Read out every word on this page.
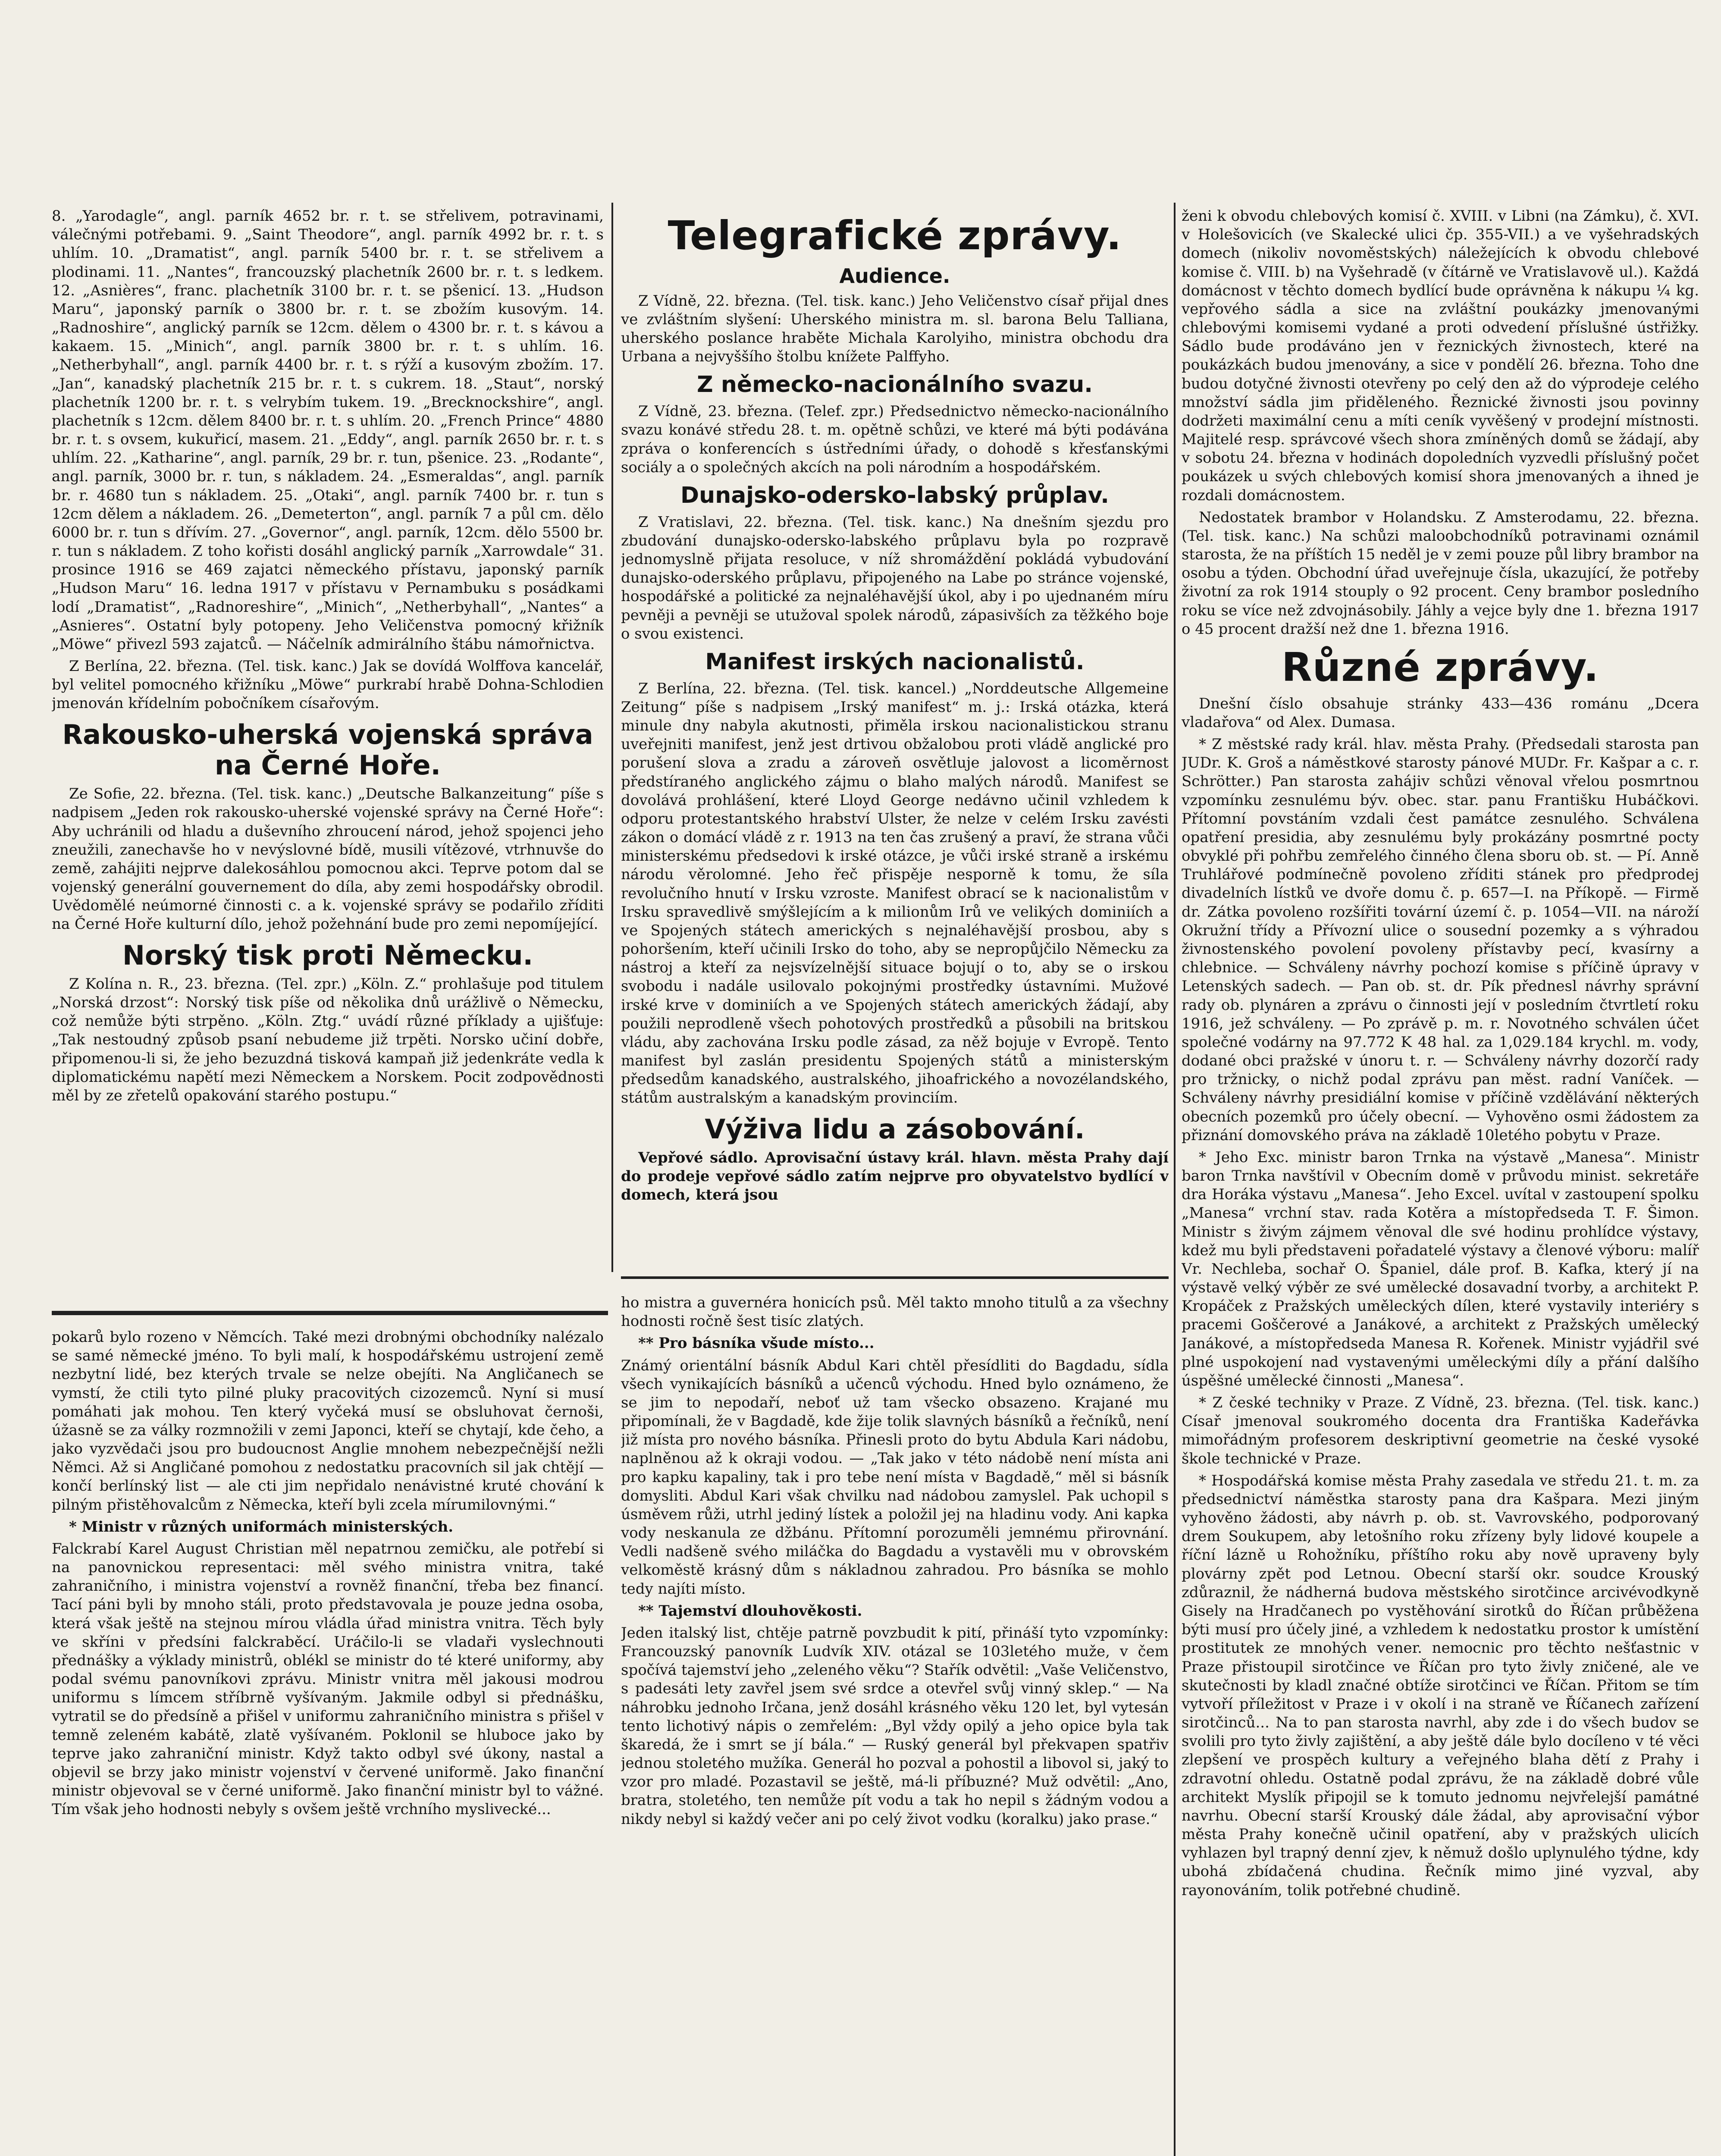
8. „Yarodagle“, angl. parník 4652 br. r. t. se střelivem, potravinami, válečnými potřebami. 9. „Saint Theodore“, angl. parník 4992 br. r. t. s uhlím. 10. „Dramatist“, angl. parník 5400 br. r. t. se střelivem a plodinami. 11. „Nantes“, francouzský plachetník 2600 br. r. t. s ledkem. 12. „Asnières“, franc. plachetník 3100 br. r. t. se pšenicí. 13. „Hudson Maru“, japonský parník o 3800 br. r. t. se zbožím kusovým. 14. „Radnoshire“, anglický parník se 12cm. dělem o 4300 br. r. t. s kávou a kakaem. 15. „Minich“, angl. parník 3800 br. r. t. s uhlím. 16. „Netherbyhall“, angl. parník 4400 br. r. t. s rýží a kusovým zbožím. 17. „Jan“, kanadský plachetník 215 br. r. t. s cukrem. 18. „Staut“, norský plachetník 1200 br. r. t. s velrybím tukem. 19. „Brecknockshire“, angl. plachetník s 12cm. dělem 8400 br. r. t. s uhlím. 20. „French Prince“ 4880 br. r. t. s ovsem, kukuřicí, masem. 21. „Eddy“, angl. parník 2650 br. r. t. s uhlím. 22. „Katharine“, angl. parník, 29 br. r. tun, pšenice. 23. „Rodante“, angl. parník, 3000 br. r. tun, s nákladem. 24. „Esmeraldas“, angl. parník br. r. 4680 tun s nákladem. 25. „Otaki“, angl. parník 7400 br. r. tun s 12cm dělem a nákladem. 26. „Demeterton“, angl. parník 7 a půl cm. dělo 6000 br. r. tun s dřívím. 27. „Governor“, angl. parník, 12cm. dělo 5500 br. r. tun s nákladem. Z toho kořisti dosáhl anglický parník „Xarrowdale“ 31. prosince 1916 se 469 zajatci německého přístavu, japonský parník „Hudson Maru“ 16. ledna 1917 v přístavu v Pernambuku s posádkami lodí „Dramatist“, „Radnoreshire“, „Minich“, „Netherbyhall“, „Nantes“ a „Asnieres“. Ostatní byly potopeny. Jeho Veličenstva pomocný křižník „Möwe“ přivezl 593 zajatců. — Náčelník admirálního štábu námořnictva.

Z Berlína, 22. března. (Tel. tisk. kanc.) Jak se dovídá Wolffova kancelář, byl velitel pomocného křižníku „Möwe“ purkrabí hrabě Dohna-Schlodien jmenován křídelním pobočníkem císařovým.

Rakousko-uherská vojenská správa na Černé Hoře.

Ze Sofie, 22. března. (Tel. tisk. kanc.) „Deutsche Balkanzeitung“ píše s nadpisem „Jeden rok rakousko-uherské vojenské správy na Černé Hoře“: Aby uchránili od hladu a duševního zhroucení národ, jehož spojenci jeho zneužili, zanechavše ho v nevýslovné bídě, musili vítězové, vtrhnuvše do země, zahájiti nejprve dalekosáhlou pomocnou akci. Teprve potom dal se vojenský generální gouvernement do díla, aby zemi hospodářsky obrodil. Uvědomělé neúmorné činnosti c. a k. vojenské správy se podařilo zříditi na Černé Hoře kulturní dílo, jehož požehnání bude pro zemi nepomíjející.

Norský tisk proti Německu.

Z Kolína n. R., 23. března. (Tel. zpr.) „Köln. Z.“ prohlašuje pod titulem „Norská drzost“: Norský tisk píše od několika dnů urážlivě o Německu, což nemůže býti strpěno. „Köln. Ztg.“ uvádí různé příklady a ujišťuje: „Tak nestoudný způsob psaní nebudeme již trpěti. Norsko učiní dobře, připomenou-li si, že jeho bezuzdná tisková kampaň již jedenkráte vedla k diplomatickému napětí mezi Německem a Norskem. Pocit zodpovědnosti měl by ze zřetelů opakování starého postupu.“

Telegrafické zprávy.
Audience.

Z Vídně, 22. března. (Tel. tisk. kanc.) Jeho Veličenstvo císař přijal dnes ve zvláštním slyšení: Uherského ministra m. sl. barona Belu Talliana, uherského poslance hraběte Michala Karolyiho, ministra obchodu dra Urbana a nejvyššího štolbu knížete Palffyho.

Z německo-nacionálního svazu.

Z Vídně, 23. března. (Telef. zpr.) Předsednictvo německo-nacionálního svazu konávé středu 28. t. m. opětně schůzi, ve které má býti podávána zpráva o konferencích s ústředními úřady, o dohodě s křesťanskými sociály a o společných akcích na poli národním a hospodářském.

Dunajsko-odersko-labský průplav.

Z Vratislavi, 22. března. (Tel. tisk. kanc.) Na dnešním sjezdu pro zbudování dunajsko-odersko-labského průplavu byla po rozpravě jednomyslně přijata resoluce, v níž shromáždění pokládá vybudování dunajsko-oderského průplavu, připojeného na Labe po stránce vojenské, hospodářské a politické za nejnaléhavější úkol, aby i po ujednaném míru pevněji a pevněji se utužoval spolek národů, zápasivších za těžkého boje o svou existenci.

Manifest irských nacionalistů.

Z Berlína, 22. března. (Tel. tisk. kancel.) „Norddeutsche Allgemeine Zeitung“ píše s nadpisem „Irský manifest“ m. j.: Irská otázka, která minule dny nabyla akutnosti, přiměla irskou nacionalistickou stranu uveřejniti manifest, jenž jest drtivou obžalobou proti vládě anglické pro porušení slova a zradu a zároveň osvětluje jalovost a licoměrnost předstíraného anglického zájmu o blaho malých národů. Manifest se dovolává prohlášení, které Lloyd George nedávno učinil vzhledem k odporu protestantského hrabství Ulster, že nelze v celém Irsku zavésti zákon o domácí vládě z r. 1913 na ten čas zrušený a praví, že strana vůči ministerskému předsedovi k irské otázce, je vůči irské straně a irskému národu věrolomné. Jeho řeč přispěje nesporně k tomu, že síla revolučního hnutí v Irsku vzroste. Manifest obrací se k nacionalistům v Irsku spravedlivě smýšlejícím a k milionům Irů ve velikých dominiích a ve Spojených státech amerických s nejnaléhavější prosbou, aby s pohoršením, kteří učinili Irsko do toho, aby se nepropůjčilo Německu za nástroj a kteří za nejsvízelnější situace bojují o to, aby se o irskou svobodu i nadále usilovalo pokojnými prostředky ústavními. Mužové irské krve v dominiích a ve Spojených státech amerických žádají, aby použili neprodleně všech pohotových prostředků a působili na britskou vládu, aby zachována Irsku podle zásad, za něž bojuje v Evropě. Tento manifest byl zaslán presidentu Spojených států a ministerským předsedům kanadského, australského, jihoafrického a novozélandského, státům australským a kanadským provinciím.

Výživa lidu a zásobování.

Vepřové sádlo. Aprovisační ústavy král. hlavn. města Prahy dají do prodeje vepřové sádlo zatím nejprve pro obyvatelstvo bydlící v domech, která jsou

ženi k obvodu chlebových komisí č. XVIII. v Libni (na Zámku), č. XVI. v Holešovicích (ve Skalecké ulici čp. 355-VII.) a ve vyšehradských domech (nikoliv novoměstských) náležejících k obvodu chlebové komise č. VIII. b) na Vyšehradě (v čítárně ve Vratislavově ul.). Každá domácnost v těchto domech bydlící bude oprávněna k nákupu ¼ kg. vepřového sádla a sice na zvláštní poukázky jmenovanými chlebovými komisemi vydané a proti odvedení příslušné ústřižky. Sádlo bude prodáváno jen v řeznických živnostech, které na poukázkách budou jmenovány, a sice v pondělí 26. března. Toho dne budou dotyčné živnosti otevřeny po celý den až do výprodeje celého množství sádla jim přiděleného. Řeznické živnosti jsou povinny dodržeti maximální cenu a míti ceník vyvěšený v prodejní místnosti. Majitelé resp. správcové všech shora zmíněných domů se žádají, aby v sobotu 24. března v hodinách dopoledních vyzvedli příslušný počet poukázek u svých chlebových komisí shora jmenovaných a ihned je rozdali domácnostem.

Nedostatek brambor v Holandsku. Z Amsterodamu, 22. března. (Tel. tisk. kanc.) Na schůzi maloobchodníků potravinami oznámil starosta, že na příštích 15 neděl je v zemi pouze půl libry brambor na osobu a týden. Obchodní úřad uveřejnuje čísla, ukazující, že potřeby životní za rok 1914 stouply o 92 procent. Ceny brambor posledního roku se více než zdvojnásobily. Jáhly a vejce byly dne 1. března 1917 o 45 procent dražší než dne 1. března 1916.

Různé zprávy.

Dnešní číslo obsahuje stránky 433—436 románu „Dcera vladařova“ od Alex. Dumasa.

* Z městské rady král. hlav. města Prahy. (Předsedali starosta pan JUDr. K. Groš a náměstkové starosty pánové MUDr. Fr. Kašpar a c. r. Schrötter.) Pan starosta zahájiv schůzi věnoval vřelou posmrtnou vzpomínku zesnulému býv. obec. star. panu Františku Hubáčkovi. Přítomní povstáním vzdali čest památce zesnulého. Schválena opatření presidia, aby zesnulému byly prokázány posmrtné pocty obvyklé při pohřbu zemřelého činného člena sboru ob. st. — Pí. Anně Truhlářové podmínečně povoleno zříditi stánek pro předprodej divadelních lístků ve dvoře domu č. p. 657—I. na Příkopě. — Firmě dr. Zátka povoleno rozšířiti tovární území č. p. 1054—VII. na nároží Okružní třídy a Přívozní ulice o sousední pozemky a s výhradou živnostenského povolení povoleny přístavby pecí, kvasírny a chlebnice. — Schváleny návrhy pochozí komise s příčině úpravy v Letenských sadech. — Pan ob. st. dr. Pík přednesl návrhy správní rady ob. plynáren a zprávu o činnosti její v posledním čtvrtletí roku 1916, jež schváleny. — Po zprávě p. m. r. Novotného schválen účet společné vodárny na 97.772 K 48 hal. za 1,029.184 krychl. m. vody, dodané obci pražské v únoru t. r. — Schváleny návrhy dozorčí rady pro tržnicky, o nichž podal zprávu pan měst. radní Vaníček. — Schváleny návrhy presidiální komise v příčině vzdělávání některých obecních pozemků pro účely obecní. — Vyhověno osmi žádostem za přiznání domovského práva na základě 10letého pobytu v Praze.

* Jeho Exc. ministr baron Trnka na výstavě „Manesa“. Ministr baron Trnka navštívil v Obecním domě v průvodu minist. sekretáře dra Horáka výstavu „Manesa“. Jeho Excel. uvítal v zastoupení spolku „Manesa“ vrchní stav. rada Kotěra a místopředseda T. F. Šimon. Ministr s živým zájmem věnoval dle své hodinu prohlídce výstavy, kdež mu byli představeni pořadatelé výstavy a členové výboru: malíř Vr. Nechleba, sochař O. Španiel, dále prof. B. Kafka, který jí na výstavě velký výběr ze své umělecké dosavadní tvorby, a architekt P. Kropáček z Pražských uměleckých dílen, které vystavily interiéry s pracemi Goščerové a Janákové, a architekt z Pražských umělecký Janákové, a místopředseda Manesa R. Kořenek. Ministr vyjádřil své plné uspokojení nad vystavenými uměleckými díly a přání dalšího úspěšné umělecké činnosti „Manesa“.

* Z české techniky v Praze. Z Vídně, 23. března. (Tel. tisk. kanc.) Císař jmenoval soukromého docenta dra Františka Kadeřávka mimořádným profesorem deskriptivní geometrie na české vysoké škole technické v Praze.

* Hospodářská komise města Prahy zasedala ve středu 21. t. m. za předsednictví náměstka starosty pana dra Kašpara. Mezi jiným vyhověno žádosti, aby návrh p. ob. st. Vavrovského, podporovaný drem Soukupem, aby letošního roku zřízeny byly lidové koupele a říční lázně u Rohožníku, příštího roku aby nově upraveny byly plovárny zpět pod Letnou. Obecní starší okr. soudce Krouský zdůraznil, že nádherná budova městského sirotčince arcivévodkyně Gisely na Hradčanech po vystěhování sirotků do Říčan průběžena býti musí pro účely jiné, a vzhledem k nedostatku prostor k umístění prostitutek ze mnohých vener. nemocnic pro těchto nešťastnic v Praze přistoupil sirotčince ve Říčan pro tyto živly zničené, ale ve skutečnosti by kladl značné obtíže sirotčinci ve Říčan. Přitom se tím vytvoří příležitost v Praze i v okolí i na straně ve Říčanech zařízení sirotčinců... Na to pan starosta navrhl, aby zde i do všech budov se svolili pro tyto živly zajištění, a aby ještě dále bylo docíleno v té věci zlepšení ve prospěch kultury a veřejného blaha dětí z Prahy i zdravotní ohledu. Ostatně podal zprávu, že na základě dobré vůle architekt Myslík připojil se k tomuto jednomu nejvřelejší památné navrhu. Obecní starší Krouský dále žádal, aby aprovisační výbor města Prahy konečně učinil opatření, aby v pražských ulicích vyhlazen byl trapný denní zjev, k němuž došlo uplynulého týdne, kdy ubohá zbídačená chudina. Řečník mimo jiné vyzval, aby rayonováním, tolik potřebné chudině.

pokarů bylo rozeno v Němcích. Také mezi drobnými obchodníky nalézalo se samé německé jméno. To byli malí, k hospodářskému ustrojení země nezbytní lidé, bez kterých trvale se nelze obejíti. Na Angličanech se vymstí, že ctili tyto pilné pluky pracovitých cizozemců. Nyní si musí pomáhati jak mohou. Ten který vyčeká musí se obsluhovat černoši, úžasně se za války rozmnožili v zemi Japonci, kteří se chytají, kde čeho, a jako vyzvědači jsou pro budoucnost Anglie mnohem nebezpečnější nežli Němci. Až si Angličané pomohou z nedostatku pracovních sil jak chtějí — končí berlínský list — ale cti jim nepřidalo nenávistné kruté chování k pilným přistěhovalcům z Německa, kteří byli zcela mírumilovnými.“

* Ministr v různých uniformách ministerských.

Falckrabí Karel August Christian měl nepatrnou zemičku, ale potřebí si na panovnickou representaci: měl svého ministra vnitra, také zahraničního, i ministra vojenství a rovněž finanční, třeba bez financí. Tací páni byli by mnoho stáli, proto představovala je pouze jedna osoba, která však ještě na stejnou mírou vládla úřad ministra vnitra. Těch byly ve skříni v předsíni falckraběcí. Uráčilo-li se vladaři vyslechnouti přednášky a výklady ministrů, oblékl se ministr do té které uniformy, aby podal svému panovníkovi zprávu. Ministr vnitra měl jakousi modrou uniformu s límcem stříbrně vyšívaným. Jakmile odbyl si přednášku, vytratil se do předsíně a přišel v uniformu zahraničního ministra s přišel v temně zeleném kabátě, zlatě vyšívaném. Poklonil se hluboce jako by teprve jako zahraniční ministr. Když takto odbyl své úkony, nastal a objevil se brzy jako ministr vojenství v červené uniformě. Jako finanční ministr objevoval se v černé uniformě. Jako finanční ministr byl to vážné. Tím však jeho hodnosti nebyly s ovšem ještě vrchního myslivecké...

ho mistra a guvernéra honicích psů. Měl takto mnoho titulů a za všechny hodnosti ročně šest tisíc zlatých.

** Pro básníka všude místo...

Známý orientální básník Abdul Kari chtěl přesídliti do Bagdadu, sídla všech vynikajících básníků a učenců východu. Hned bylo oznámeno, že se jim to nepodaří, neboť už tam všecko obsazeno. Krajané mu připomínali, že v Bagdadě, kde žije tolik slavných básníků a řečníků, není již místa pro nového básníka. Přinesli proto do bytu Abdula Kari nádobu, naplněnou až k okraji vodou. — „Tak jako v této nádobě není místa ani pro kapku kapaliny, tak i pro tebe není místa v Bagdadě,“ měl si básník domysliti. Abdul Kari však chvilku nad nádobou zamyslel. Pak uchopil s úsměvem růži, utrhl jediný lístek a položil jej na hladinu vody. Ani kapka vody neskanula ze džbánu. Přítomní porozuměli jemnému přirovnání. Vedli nadšeně svého miláčka do Bagdadu a vystavěli mu v obrovském velkoměstě krásný dům s nákladnou zahradou. Pro básníka se mohlo tedy najíti místo.

** Tajemství dlouhověkosti.

Jeden italský list, chtěje patrně povzbudit k pití, přináší tyto vzpomínky: Francouzský panovník Ludvík XIV. otázal se 103letého muže, v čem spočívá tajemství jeho „zeleného věku“? Stařík odvětil: „Vaše Veličenstvo, s padesáti lety zavřel jsem své srdce a otevřel svůj vinný sklep.“ — Na náhrobku jednoho Irčana, jenž dosáhl krásného věku 120 let, byl vytesán tento lichotivý nápis o zemřelém: „Byl vždy opilý a jeho opice byla tak škaredá, že i smrt se jí bála.“ — Ruský generál byl překvapen spatřiv jednou stoletého mužíka. Generál ho pozval a pohostil a libovol si, jaký to vzor pro mladé. Pozastavil se ještě, má-li příbuzné? Muž odvětil: „Ano, bratra, stoletého, ten nemůže pít vodu a tak ho nepil s žádným vodou a nikdy nebyl si každý večer ani po celý život vodku (koralku) jako prase.“
